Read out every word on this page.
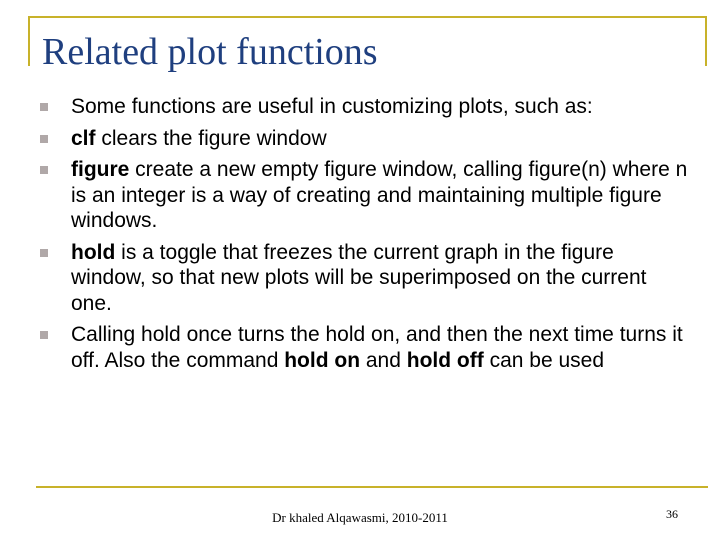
Related plot functions
Some functions are useful in customizing plots, such as:
clf clears the figure window
figure create a new empty figure window, calling figure(n) where n is an integer is a way of creating and maintaining multiple figure windows.
hold is a toggle that freezes the current graph in the figure window, so that new plots will be superimposed on the current one.
Calling hold once turns the hold on, and then the next time turns it off. Also the command hold on and hold off can be used
Dr khaled Alqawasmi, 2010-2011	36
